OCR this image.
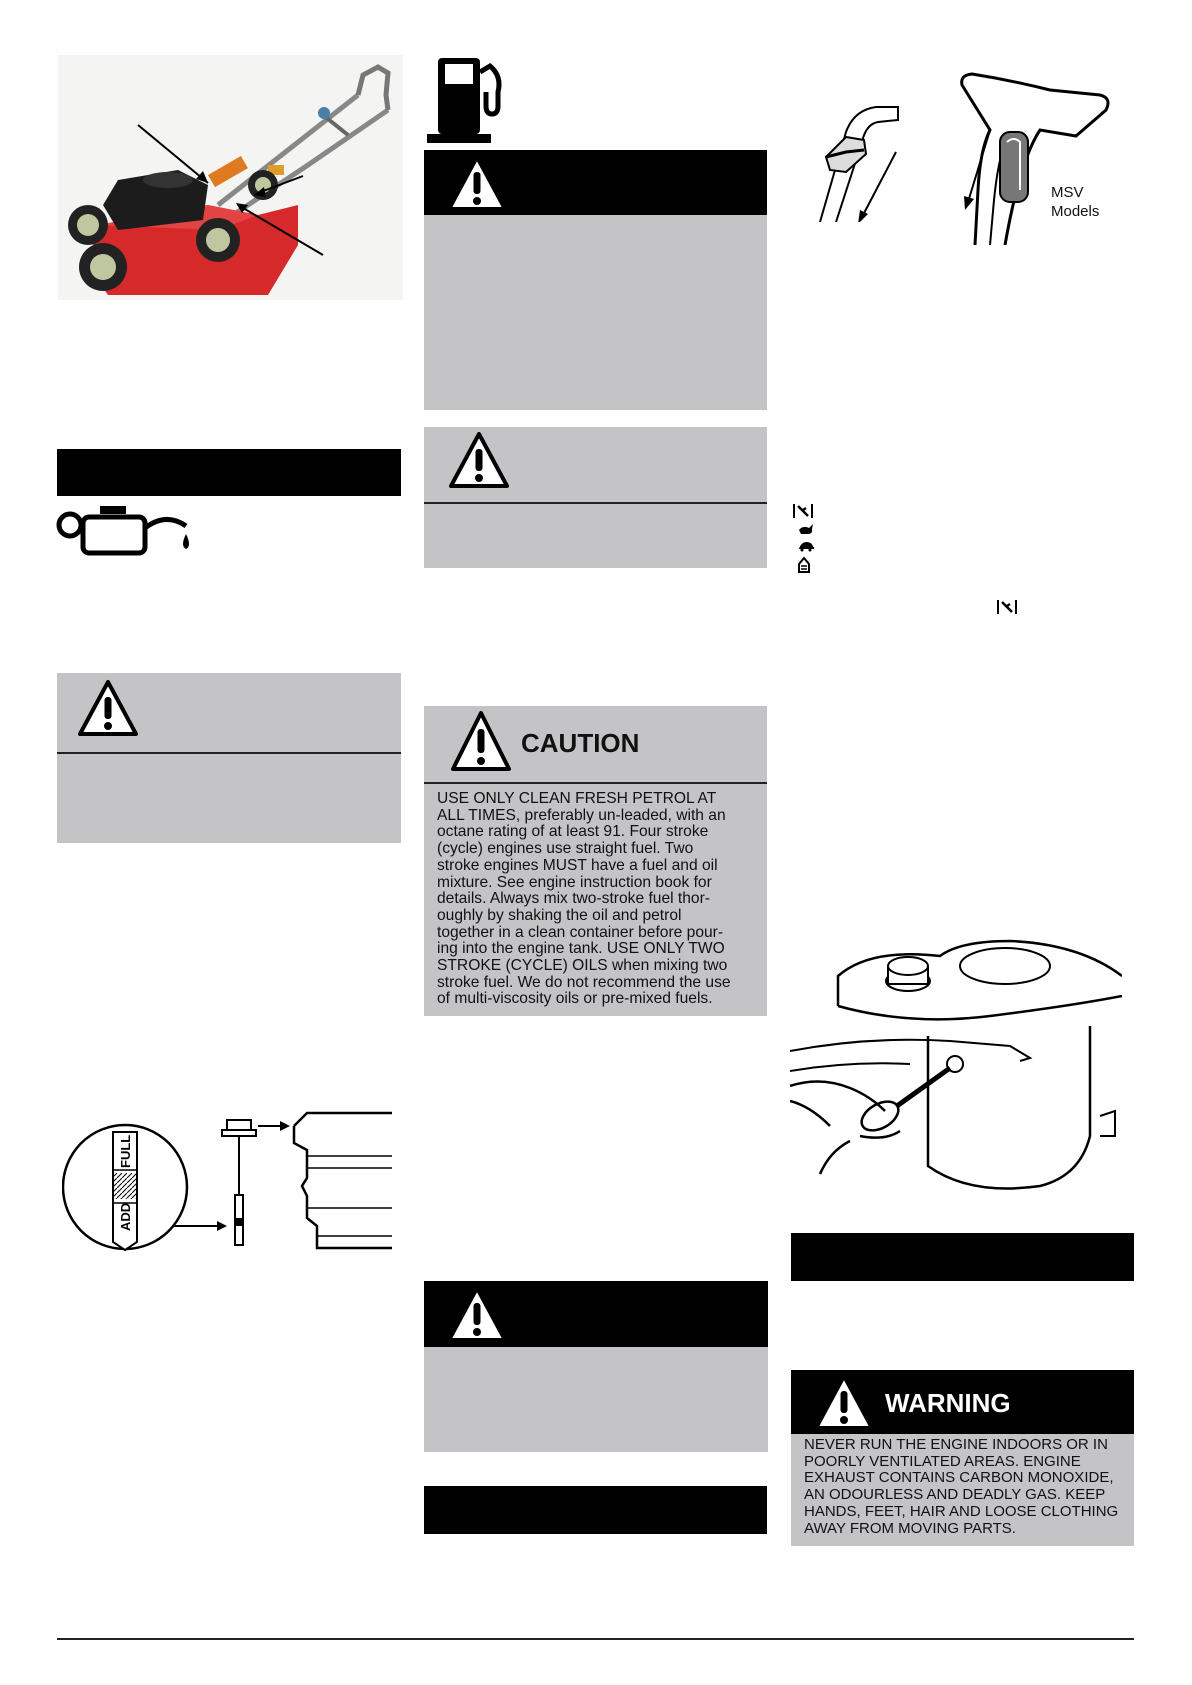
FULL
ADD
CAUTION
USE ONLY CLEAN FRESH PETROL AT
ALL TIMES, preferably un-leaded, with an
octane rating of at least 91. Four stroke
(cycle) engines use straight fuel. Two
stroke engines MUST have a fuel and oil
mixture. See engine instruction book for
details. Always mix two-stroke fuel thor-
oughly by shaking the oil and petrol
together in a clean container before pour-
ing into the engine tank. USE ONLY TWO
STROKE (CYCLE) OILS when mixing two
stroke fuel. We do not recommend the use
of multi-viscosity oils or pre-mixed fuels.
MSV
Models
WARNING
NEVER RUN THE ENGINE INDOORS OR IN
POORLY VENTILATED AREAS. ENGINE
EXHAUST CONTAINS CARBON MONOXIDE,
AN ODOURLESS AND DEADLY GAS. KEEP
HANDS, FEET, HAIR AND LOOSE CLOTHING
AWAY FROM MOVING PARTS.
